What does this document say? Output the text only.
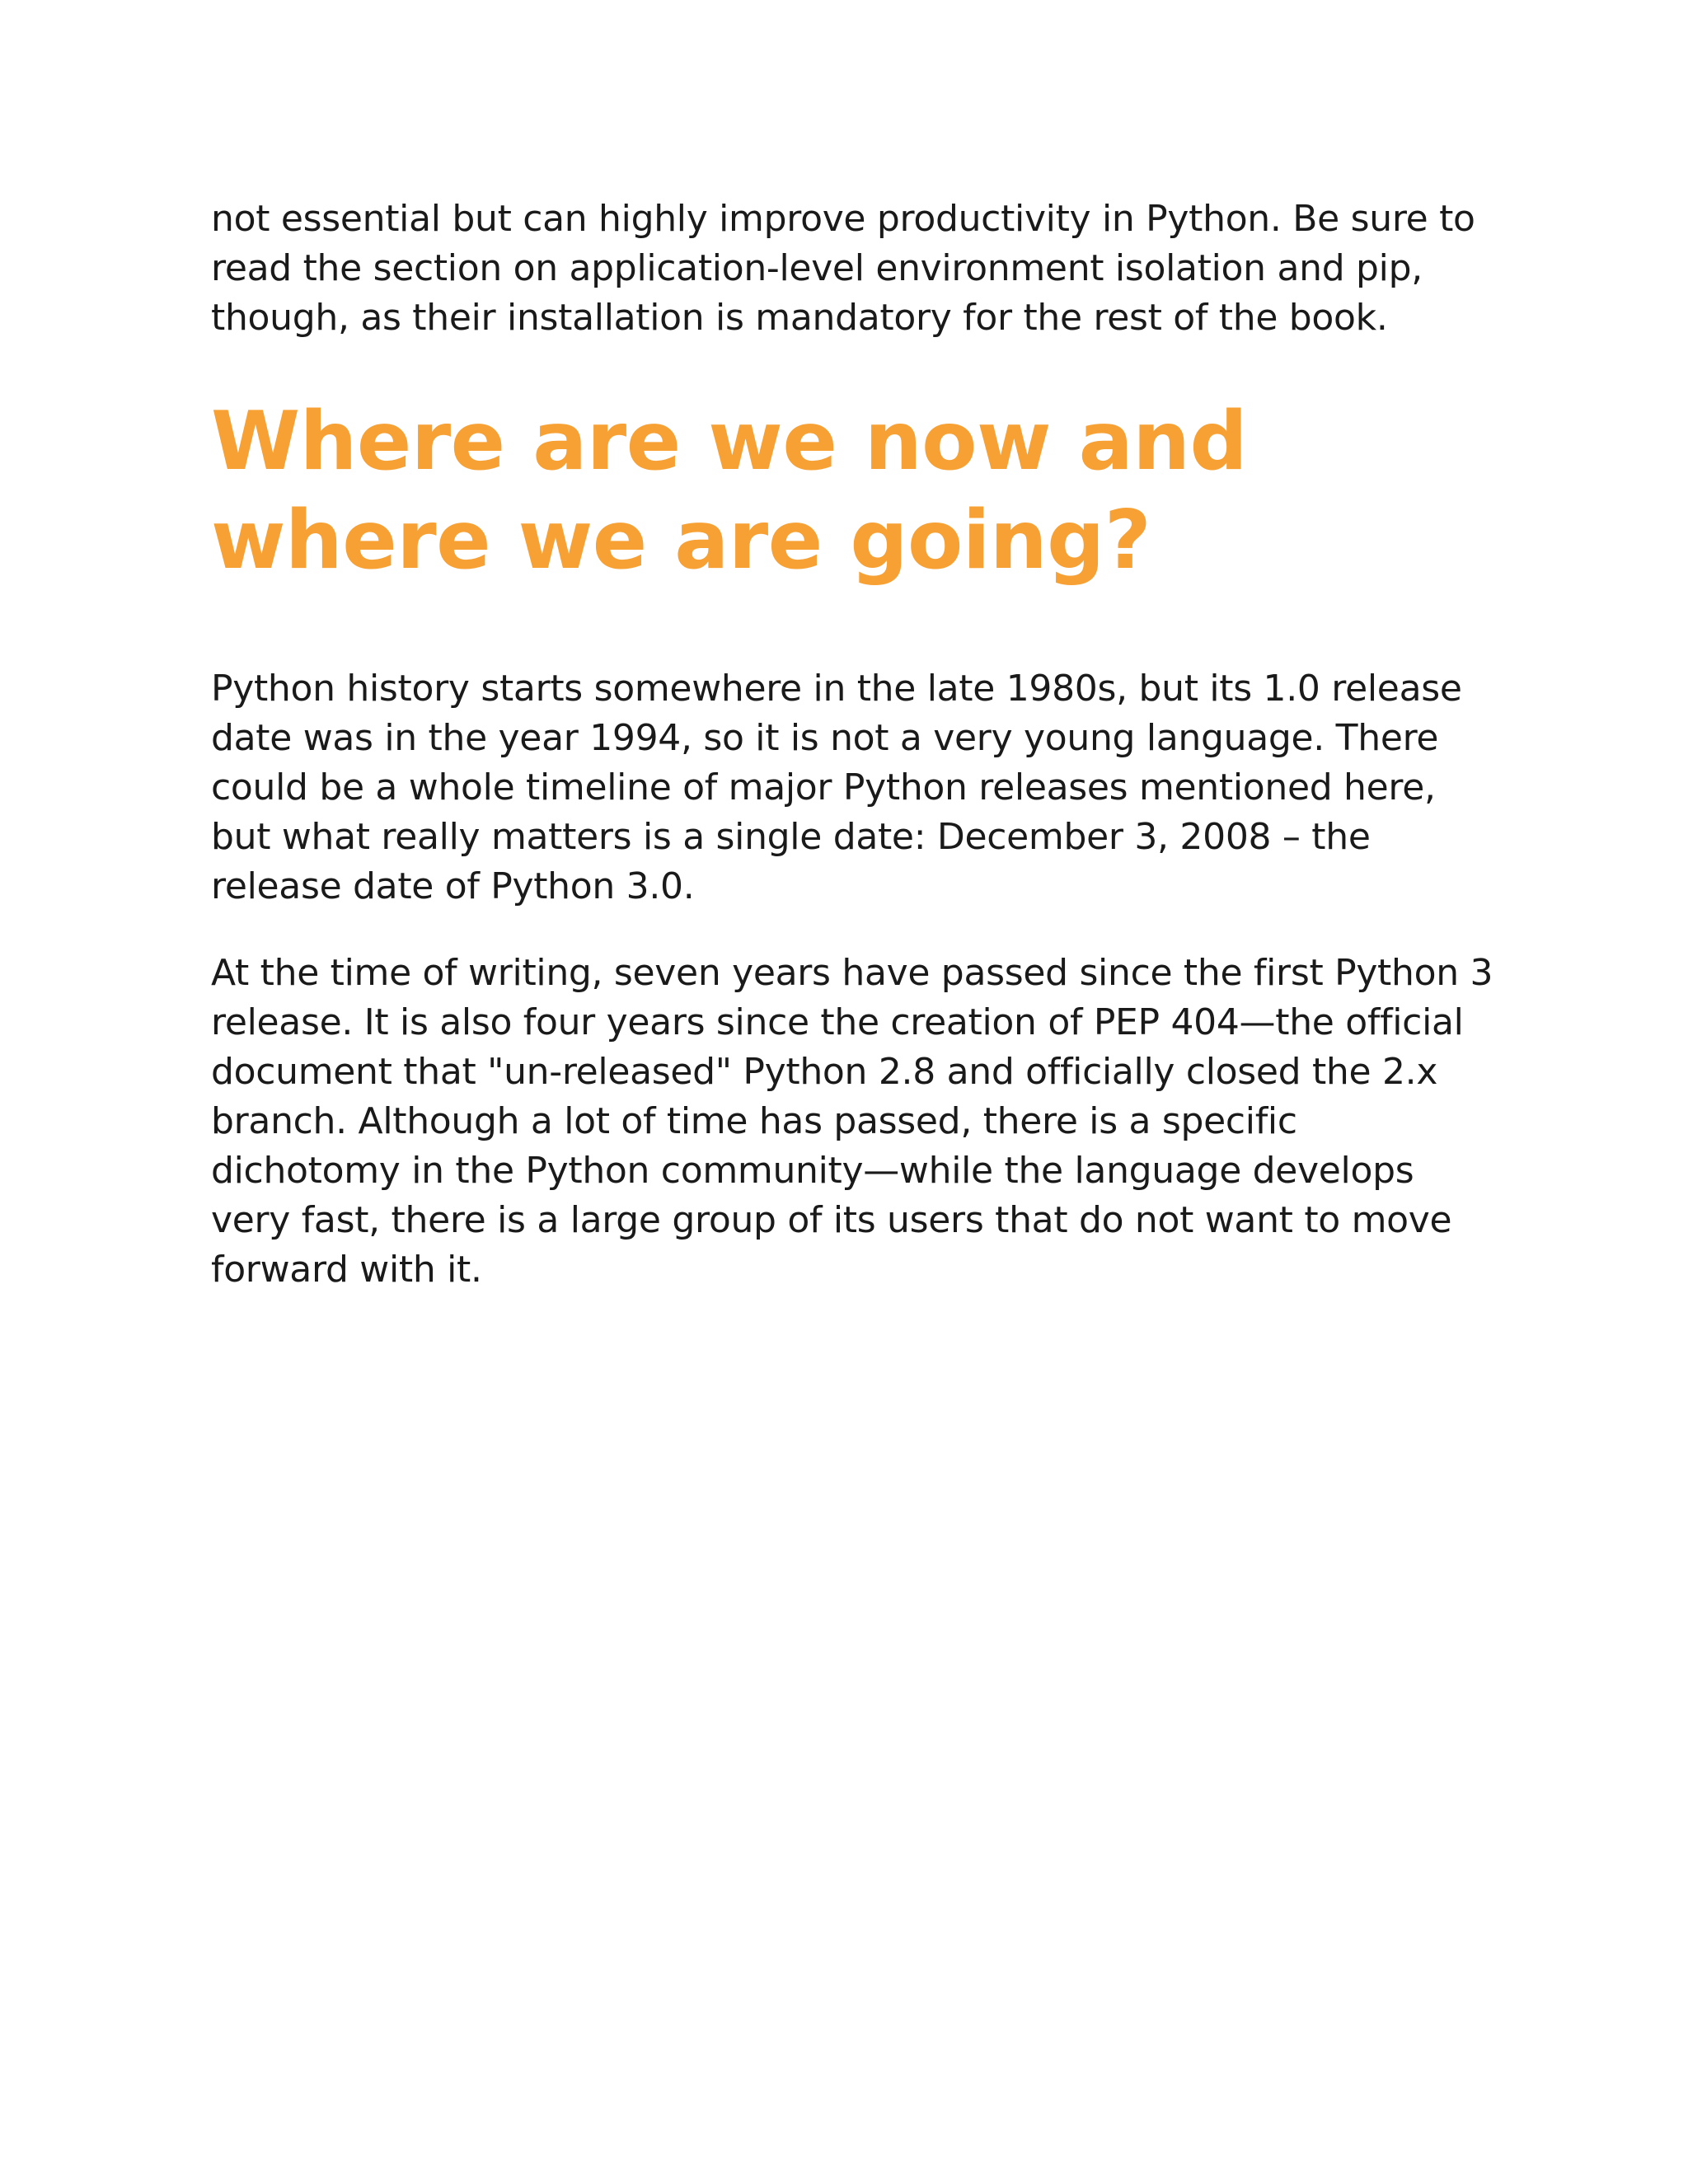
not essential but can highly improve productivity in Python. Be sure to read the section on application-level environment isolation and pip, though, as their installation is mandatory for the rest of the book.

Where are we now and where we are going?

Python history starts somewhere in the late 1980s, but its 1.0 release date was in the year 1994, so it is not a very young language. There could be a whole timeline of major Python releases mentioned here, but what really matters is a single date: December 3, 2008 – the release date of Python 3.0.

At the time of writing, seven years have passed since the first Python 3 release. It is also four years since the creation of PEP 404—the official document that "un-released" Python 2.8 and officially closed the 2.x branch. Although a lot of time has passed, there is a specific dichotomy in the Python community—while the language develops very fast, there is a large group of its users that do not want to move forward with it.
